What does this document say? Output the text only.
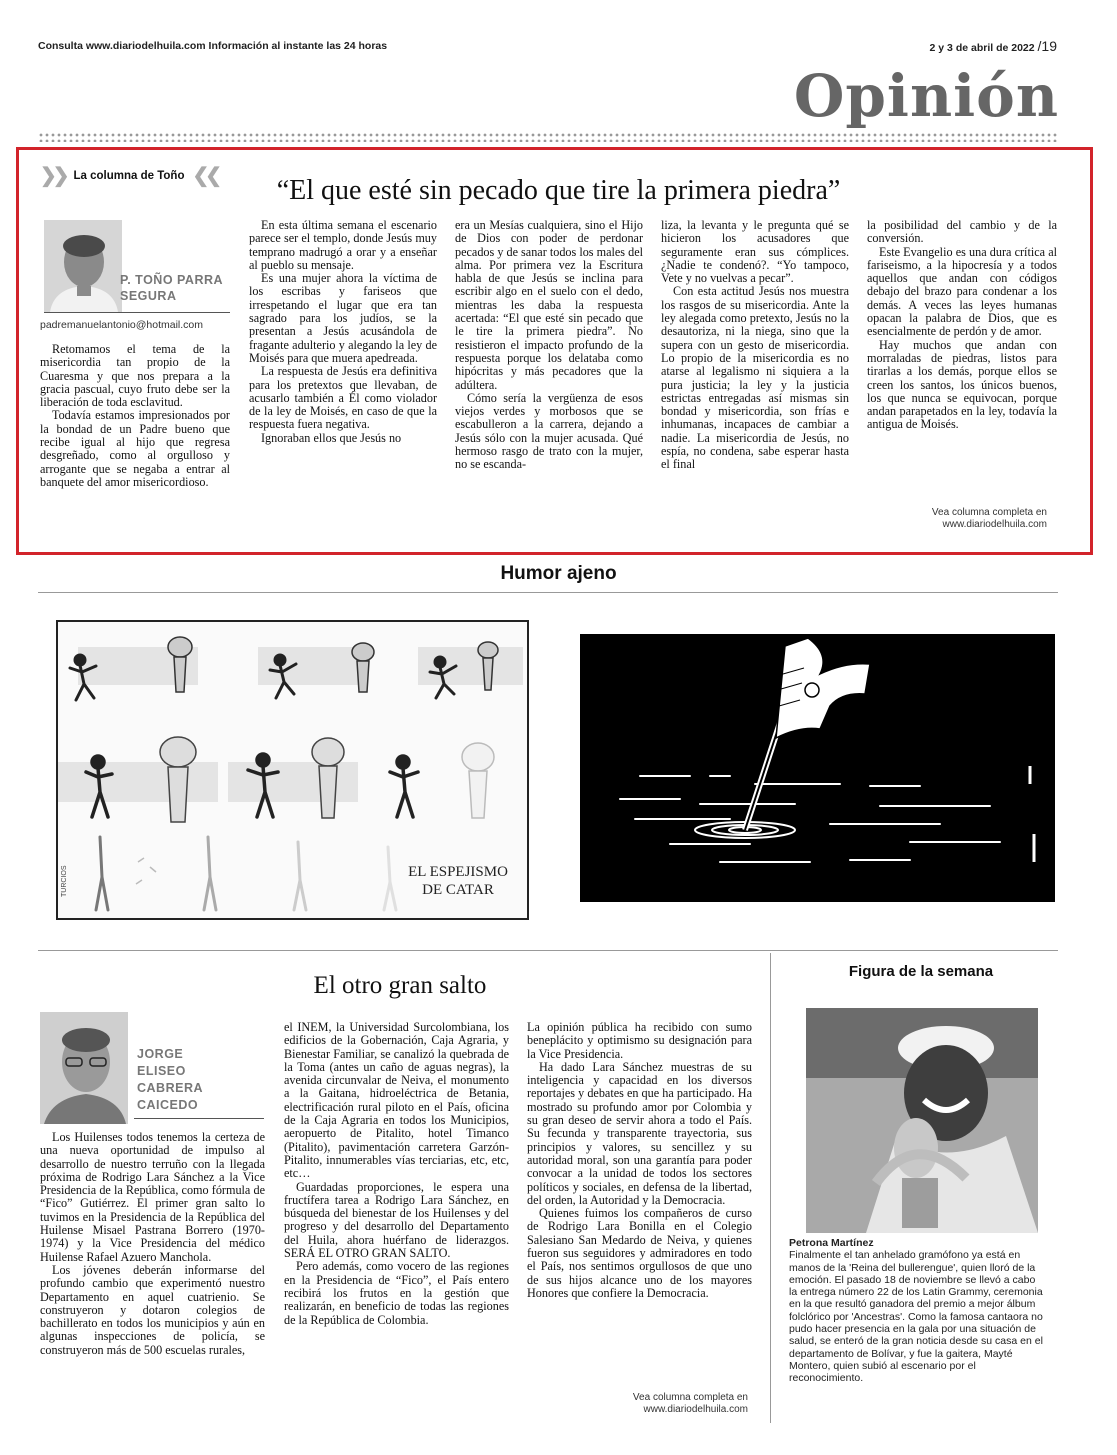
Consulta www.diariodelhuila.com Información al instante las 24 horas	2 y 3 de abril de 2022 /19
Opinión
❯❯ La columna de Toño ❮❮	“El que esté sin pecado que tire la primera piedra”
P. TOÑO PARRA
SEGURA
padremanuelantonio@hotmail.com

Retomamos el tema de la misericordia tan propio de la Cuaresma y que nos prepara a la gracia pascual, cuyo fruto debe ser la liberación de toda esclavitud.

Todavía estamos impresionados por la bondad de un Padre bueno que recibe igual al hijo que regresa desgreñado, como al orgulloso y arrogante que se negaba a entrar al banquete del amor misericordioso.

En esta última semana el escenario parece ser el templo, donde Jesús muy temprano madrugó a orar y a enseñar al pueblo su mensaje.

Es una mujer ahora la víctima de los escribas y fariseos que irrespetando el lugar que era tan sagrado para los judíos, se la presentan a Jesús acusándola de fragante adulterio y alegando la ley de Moisés para que muera apedreada.

La respuesta de Jesús era definitiva para los pretextos que llevaban, de acusarlo también a Él como violador de la ley de Moisés, en caso de que la respuesta fuera negativa.

Ignoraban ellos que Jesús no

era un Mesías cualquiera, sino el Hijo de Dios con poder de perdonar pecados y de sanar todos los males del alma. Por primera vez la Escritura habla de que Jesús se inclina para escribir algo en el suelo con el dedo, mientras les daba la respuesta acertada: “El que esté sin pecado que le tire la primera piedra”. No resistieron el impacto profundo de la respuesta porque los delataba como hipócritas y más pecadores que la adúltera.

Cómo sería la vergüenza de esos viejos verdes y morbosos que se escabulleron a la carrera, dejando a Jesús sólo con la mujer acusada. Qué hermoso rasgo de trato con la mujer, no se escanda-

liza, la levanta y le pregunta qué se hicieron los acusadores que seguramente eran sus cómplices. ¿Nadie te condenó?. “Yo tampoco, Vete y no vuelvas a pecar”.

Con esta actitud Jesús nos muestra los rasgos de su misericordia. Ante la ley alegada como pretexto, Jesús no la desautoriza, ni la niega, sino que la supera con un gesto de misericordia. Lo propio de la misericordia es no atarse al legalismo ni siquiera a la pura justicia; la ley y la justicia estrictas entregadas así mismas sin bondad y misericordia, son frías e inhumanas, incapaces de cambiar a nadie. La misericordia de Jesús, no espía, no condena, sabe esperar hasta el final

la posibilidad del cambio y de la conversión.

Este Evangelio es una dura crítica al fariseismo, a la hipocresía y a todos aquellos que andan con códigos debajo del brazo para condenar a los demás. A veces las leyes humanas opacan la palabra de Dios, que es esencialmente de perdón y de amor.

Hay muchos que andan con morraladas de piedras, listos para tirarlas a los demás, porque ellos se creen los santos, los únicos buenos, los que nunca se equivocan, porque andan parapetados en la ley, todavía la antigua de Moisés.

Vea columna completa en
www.diariodelhuila.com
Humor ajeno
EL ESPEJISMO
DE CATAR
TURCIOS
El otro gran salto
JORGE
ELISEO
CABRERA
CAICEDO

Los Huilenses todos tenemos la certeza de una nueva oportunidad de impulso al desarrollo de nuestro terruño con la llegada próxima de Rodrigo Lara Sánchez a la Vice Presidencia de la República, como fórmula de “Fico” Gutiérrez. El primer gran salto lo tuvimos en la Presidencia de la República del Huilense Misael Pastrana Borrero (1970-1974) y la Vice Presidencia del médico Huilense Rafael Azuero Manchola.

Los jóvenes deberán informarse del profundo cambio que experimentó nuestro Departamento en aquel cuatrienio. Se construyeron y dotaron colegios de bachillerato en todos los municipios y aún en algunas inspecciones de policía, se construyeron más de 500 escuelas rurales,

el INEM, la Universidad Surcolombiana, los edificios de la Gobernación, Caja Agraria, y Bienestar Familiar, se canalizó la quebrada de la Toma (antes un caño de aguas negras), la avenida circunvalar de Neiva, el monumento a la Gaitana, hidroeléctrica de Betania, electrificación rural piloto en el País, oficina de la Caja Agraria en todos los Municipios, aeropuerto de Pitalito, hotel Timanco (Pitalito), pavimentación carretera Garzón-Pitalito, innumerables vías terciarias, etc, etc, etc…

Guardadas proporciones, le espera una fructífera tarea a Rodrigo Lara Sánchez, en búsqueda del bienestar de los Huilenses y del progreso y del desarrollo del Departamento del Huila, ahora huérfano de liderazgos. SERÁ EL OTRO GRAN SALTO.

Pero además, como vocero de las regiones en la Presidencia de “Fico”, el País entero recibirá los frutos en la gestión que realizarán, en beneficio de todas las regiones de la República de Colombia.

La opinión pública ha recibido con sumo beneplácito y optimismo su designación para la Vice Presidencia.

Ha dado Lara Sánchez muestras de su inteligencia y capacidad en los diversos reportajes y debates en que ha participado. Ha mostrado su profundo amor por Colombia y su gran deseo de servir ahora a todo el País. Su fecunda y transparente trayectoria, sus principios y valores, su sencillez y su autoridad moral, son una garantía para poder convocar a la unidad de todos los sectores políticos y sociales, en defensa de la libertad, del orden, la Autoridad y la Democracia.

Quienes fuimos los compañeros de curso de Rodrigo Lara Bonilla en el Colegio Salesiano San Medardo de Neiva, y quienes fueron sus seguidores y admiradores en todo el País, nos sentimos orgullosos de que uno de sus hijos alcance uno de los mayores Honores que confiere la Democracia.

Vea columna completa en
www.diariodelhuila.com
Figura de la semana
Petrona Martínez
Finalmente el tan anhelado gramófono ya está en manos de la 'Reina del bullerengue', quien lloró de la emoción. El pasado 18 de noviembre se llevó a cabo la entrega número 22 de los Latin Grammy, ceremonia en la que resultó ganadora del premio a mejor álbum folclórico por 'Ancestras'. Como la famosa cantaora no pudo hacer presencia en la gala por una situación de salud, se enteró de la gran noticia desde su casa en el departamento de Bolívar, y fue la gaitera, Mayté Montero, quien subió al escenario por el reconocimiento.
